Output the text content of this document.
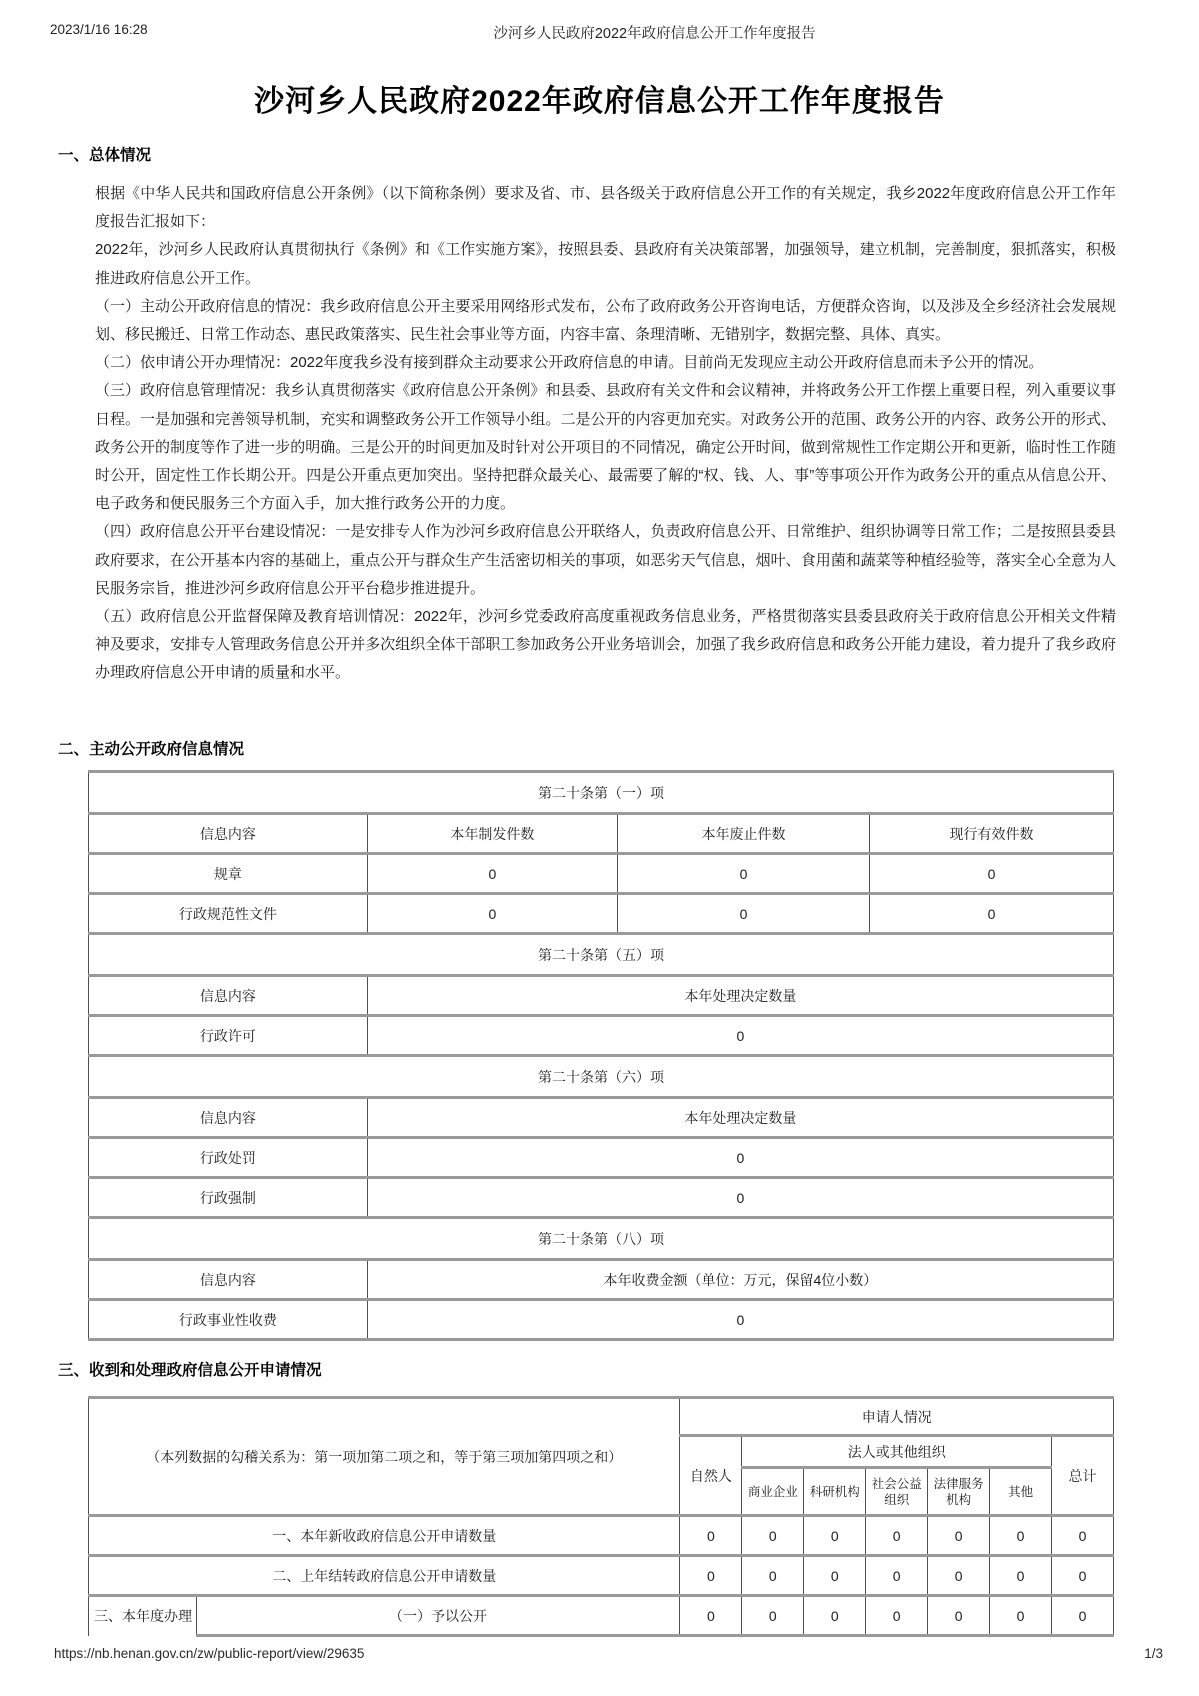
2023/1/16 16:28	沙河乡人民政府2022年政府信息公开工作年度报告
沙河乡人民政府2022年政府信息公开工作年度报告
一、总体情况

根据《中华人民共和国政府信息公开条例》（以下简称条例）要求及省、市、县各级关于政府信息公开工作的有关规定，我乡2022年度政府信息公开工作年度报告汇报如下：

2022年，沙河乡人民政府认真贯彻执行《条例》和《工作实施方案》，按照县委、县政府有关决策部署，加强领导，建立机制，完善制度，狠抓落实，积极推进政府信息公开工作。

（一）主动公开政府信息的情况：我乡政府信息公开主要采用网络形式发布，公布了政府政务公开咨询电话，方便群众咨询，以及涉及全乡经济社会发展规划、移民搬迁、日常工作动态、惠民政策落实、民生社会事业等方面，内容丰富、条理清晰、无错别字，数据完整、具体、真实。

（二）依申请公开办理情况：2022年度我乡没有接到群众主动要求公开政府信息的申请。目前尚无发现应主动公开政府信息而未予公开的情况。

（三）政府信息管理情况：我乡认真贯彻落实《政府信息公开条例》和县委、县政府有关文件和会议精神，并将政务公开工作摆上重要日程，列入重要议事日程。一是加强和完善领导机制，充实和调整政务公开工作领导小组。二是公开的内容更加充实。对政务公开的范围、政务公开的内容、政务公开的形式、政务公开的制度等作了进一步的明确。三是公开的时间更加及时针对公开项目的不同情况，确定公开时间，做到常规性工作定期公开和更新，临时性工作随时公开，固定性工作长期公开。四是公开重点更加突出。坚持把群众最关心、最需要了解的“权、钱、人、事”等事项公开作为政务公开的重点从信息公开、电子政务和便民服务三个方面入手，加大推行政务公开的力度。

（四）政府信息公开平台建设情况：一是安排专人作为沙河乡政府信息公开联络人，负责政府信息公开、日常维护、组织协调等日常工作；二是按照县委县政府要求，在公开基本内容的基础上，重点公开与群众生产生活密切相关的事项，如恶劣天气信息，烟叶、食用菌和蔬菜等种植经验等，落实全心全意为人民服务宗旨，推进沙河乡政府信息公开平台稳步推进提升。

（五）政府信息公开监督保障及教育培训情况：2022年，沙河乡党委政府高度重视政务信息业务，严格贯彻落实县委县政府关于政府信息公开相关文件精神及要求，安排专人管理政务信息公开并多次组织全体干部职工参加政务公开业务培训会，加强了我乡政府信息和政务公开能力建设，着力提升了我乡政府办理政府信息公开申请的质量和水平。

二、主动公开政府信息情况
第二十条第（一）项			
信息内容	本年制发件数	本年废止件数	现行有效件数
规章	0	0	0
行政规范性文件	0	0	0
第二十条第（五）项			
信息内容	本年处理决定数量		
行政许可	0		
第二十条第（六）项			
信息内容	本年处理决定数量		
行政处罚	0		
行政强制	0		
第二十条第（八）项			
信息内容	本年收费金额（单位：万元，保留4位小数）		
行政事业性收费	0		
三、收到和处理政府信息公开申请情况
（本列数据的勾稽关系为：第一项加第二项之和，等于第三项加第四项之和）		申请人情况						
		自然人	法人或其他组织					总计
			商业企业	科研机构	社会公益组织	法律服务机构	其他	
一、本年新收政府信息公开申请数量		0	0	0	0	0	0	0
二、上年结转政府信息公开申请数量		0	0	0	0	0	0	0
三、本年度办理	（一）予以公开	0	0	0	0	0	0	0
https://nb.henan.gov.cn/zw/public-report/view/29635	1/3
